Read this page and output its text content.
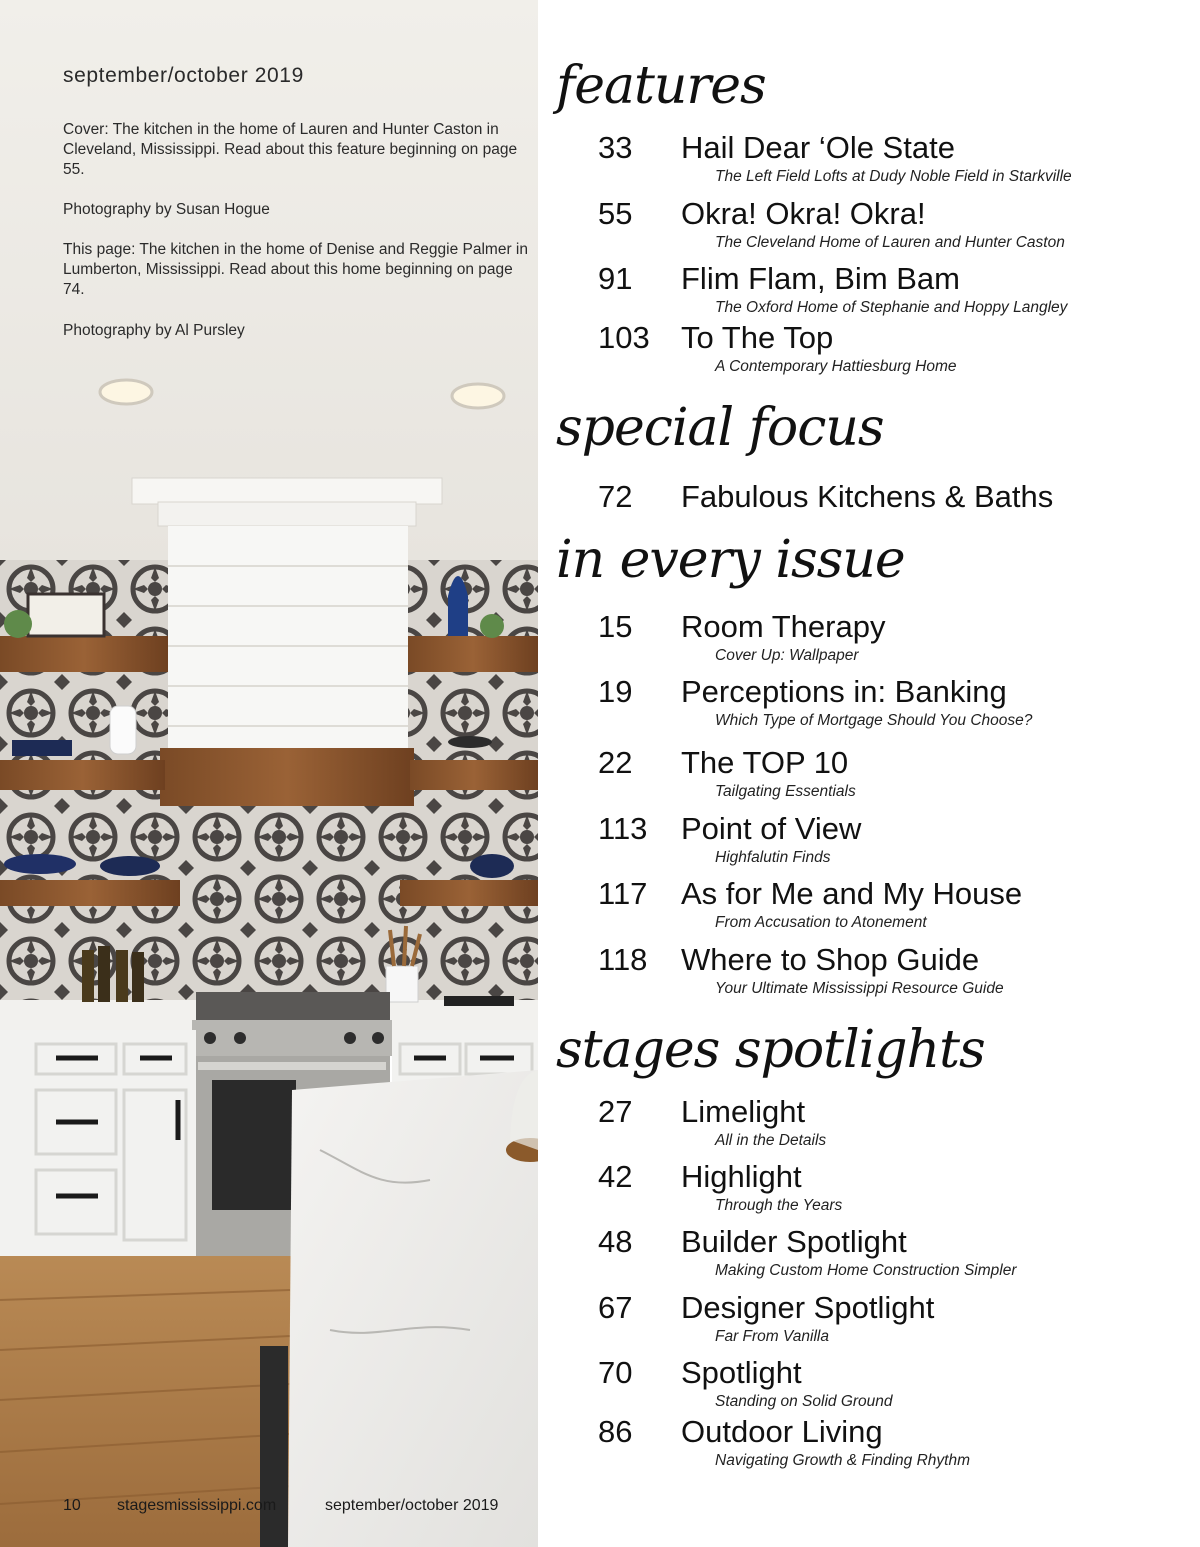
september/october 2019
Cover: The kitchen in the home of Lauren and Hunter Caston in Cleveland, Mississippi. Read about this feature beginning on page 55.
Photography by Susan Hogue
This page: The kitchen in the home of Denise and Reggie Palmer in Lumberton, Mississippi. Read about this home beginning on page 74.
Photography by Al Pursley
10 stagesmississippi.com	september/october 2019
features
33 Hail Dear ‘Ole State
The Left Field Lofts at Dudy Noble Field in Starkville
55 Okra! Okra! Okra!
The Cleveland Home of Lauren and Hunter Caston
91 Flim Flam, Bim Bam
The Oxford Home of Stephanie and Hoppy Langley
103 To The Top
A Contemporary Hattiesburg Home
special focus
72 Fabulous Kitchens & Baths
in every issue
15 Room Therapy
Cover Up: Wallpaper
19 Perceptions in: Banking
Which Type of Mortgage Should You Choose?
22 The TOP 10
Tailgating Essentials
113 Point of View
Highfalutin Finds
117 As for Me and My House
From Accusation to Atonement
118 Where to Shop Guide
Your Ultimate Mississippi Resource Guide
stages spotlights
27 Limelight
All in the Details
42 Highlight
Through the Years
48 Builder Spotlight
Making Custom Home Construction Simpler
67 Designer Spotlight
Far From Vanilla
70 Spotlight
Standing on Solid Ground
86 Outdoor Living
Navigating Growth & Finding Rhythm
